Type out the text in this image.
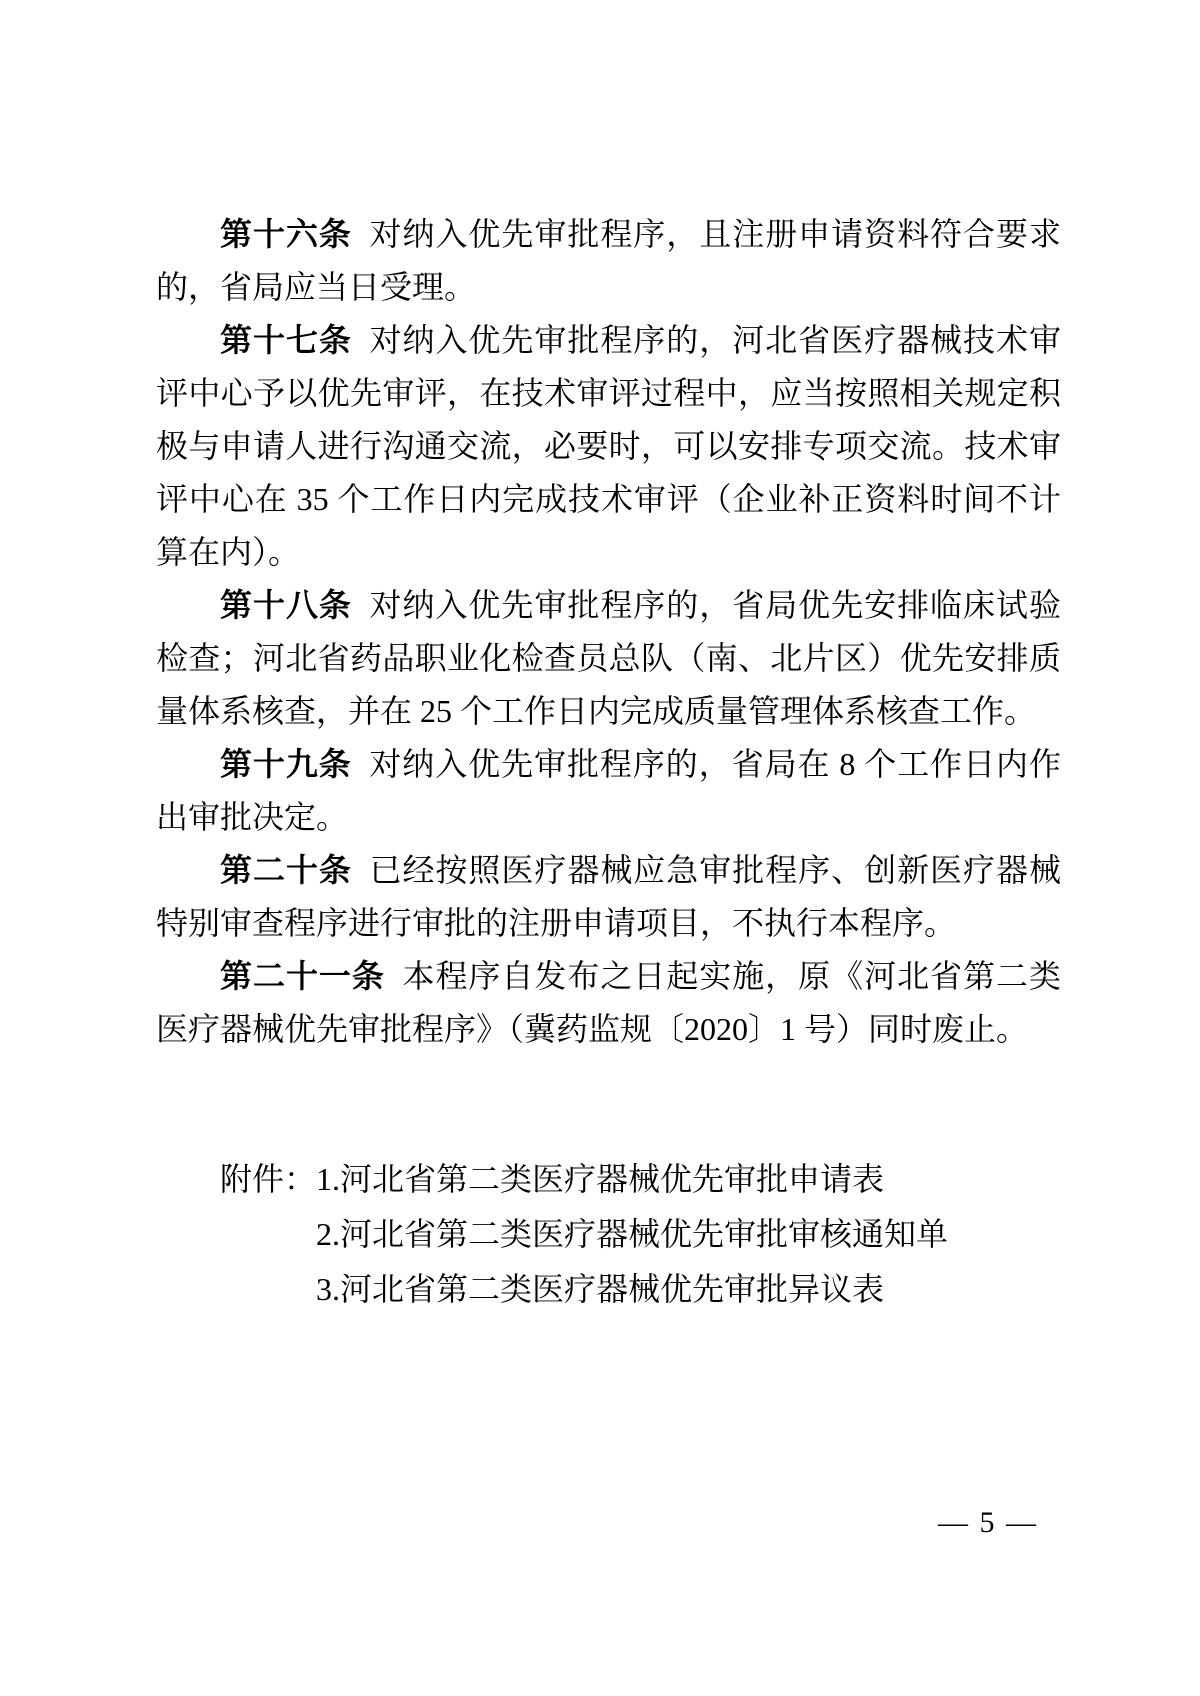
第十六条 对纳入优先审批程序，且注册申请资料符合要求的，省局应当日受理。

第十七条 对纳入优先审批程序的，河北省医疗器械技术审评中心予以优先审评，在技术审评过程中，应当按照相关规定积极与申请人进行沟通交流，必要时，可以安排专项交流。技术审评中心在 35 个工作日内完成技术审评（企业补正资料时间不计算在内）。

第十八条 对纳入优先审批程序的，省局优先安排临床试验检查；河北省药品职业化检查员总队（南、北片区）优先安排质量体系核查，并在 25 个工作日内完成质量管理体系核查工作。

第十九条 对纳入优先审批程序的，省局在 8 个工作日内作出审批决定。

第二十条 已经按照医疗器械应急审批程序、创新医疗器械特别审查程序进行审批的注册申请项目，不执行本程序。

第二十一条 本程序自发布之日起实施，原《河北省第二类医疗器械优先审批程序》（冀药监规〔2020〕1 号）同时废止。

附件：1.河北省第二类医疗器械优先审批申请表

2.河北省第二类医疗器械优先审批审核通知单

3.河北省第二类医疗器械优先审批异议表

— 5 —
